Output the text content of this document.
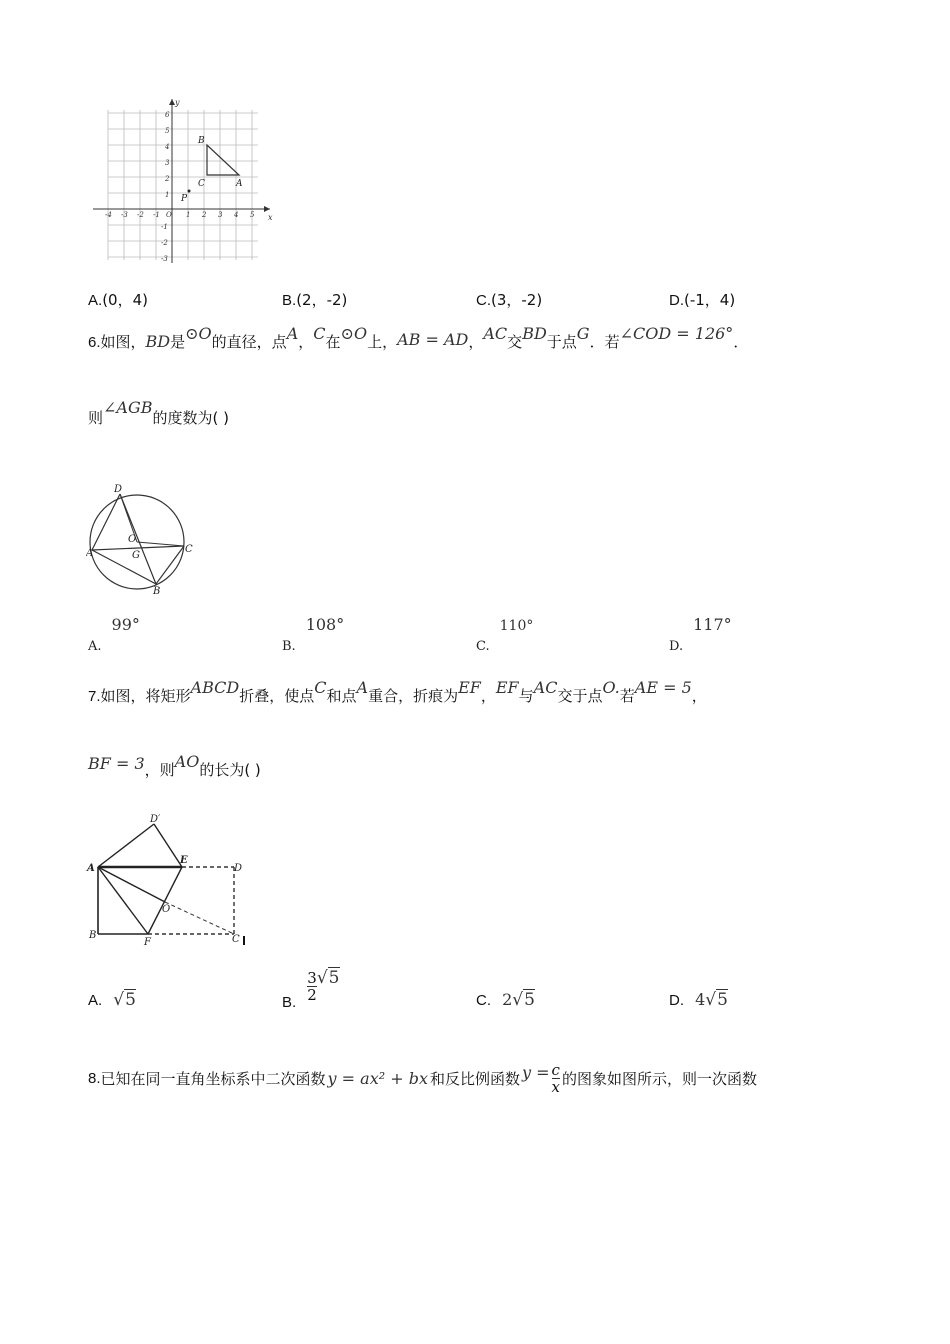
-4 -3 -2 -1	1 2 3 4 5
6
5
4
3
2
1
-1
-2
-3
y
x
O
B
C	A
P
A.(0，4)	B.(2，-2)	C.(3，-2)	D.(-1，4)
6.如图，BD是⊙O的直径，点A，C在⊙O上，AB = AD，AC交BD于点G．若∠COD = 126°．
则∠AGB的度数为( )
D
A
O
G
C
B
$_{A.}$99°
$_{B.}$108°
$_{C.}$110°
$_{D.}$117°
7.如图，将矩形ABCD折叠，使点C和点A重合，折痕为EF，EF与AC交于点O.若AE = 5，
BF = 3，则AO的长为( )
D′
A
E
D
O
B
F	C
A. √5	B. $\frac{3}{2} √5$
C. 2√5	D. 4√5
8. 已知在同一直角坐标系中二次函数 y = ax² + bx 和反比例函数 $y = \frac{c}{x}$ 的图象如图所示，则一次函数
